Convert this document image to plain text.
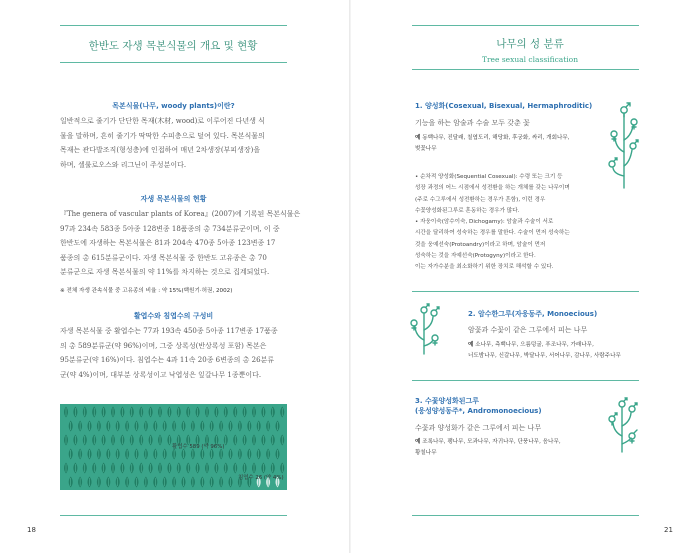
한반도 자생 목본식물의 개요 및 현황
목본식물(나무, woody plants)이란?

일반적으로 줄기가 단단한 목재(木材, wood)로 이루어진 다년생 식

물을 말하며, 흔히 줄기가 딱딱한 수피층으로 덮여 있다. 목본식물의

목재는 관다발조직(형성층)에 인접하여 매년 2차생장(부피생장)을

하며, 셀룰로오스와 리그닌이 주성분이다.

자생 목본식물의 현황

『The genera of vascular plants of Korea』(2007)에 기록된 목본식물은

97과 234속 583종 5아종 128변종 18품종의 총 734분류군이며, 이 중

한반도에 자생하는 목본식물은 81과 204속 470종 5아종 123변종 17

품종의 총 615분류군이다. 자생 목본식물 중 한반도 고유종은 총 70

분류군으로 자생 목본식물의 약 11%를 차지하는 것으로 집계되었다.

※ 전체 자생 관속식물 중 고유종의 비율 : 약 15%(백원기·허권, 2002)
활엽수와 침엽수의 구성비

자생 목본식물 중 활엽수는 77과 193속 450종 5아종 117변종 17품종

의 총 589분류군(약 96%)이며, 그중 상록성(반상록성 포함) 목본은

95분류군(약 16%)이다. 침엽수는 4과 11속 20종 6변종의 총 26분류

군(약 4%)이며, 대부분 상록성이고 낙엽성은 잎갈나무 1종뿐이다.

활엽수 589 (약 96%)
침엽수 26 (약 4%)
18
나무의 성 분류
Tree sexual classification
1. 양성화(Cosexual, Bisexual, Hermaphroditic)
기능을 하는 암술과 수술 모두 갖춘 꽃

예 동백나무, 진달래, 칠엽도리, 해당화, 후궁화, 싸리, 개회나무,

벚꽃나무

• 순차적 양성화(Sequential Cosexual): 수령 또는 크기 등

성장 과정의 어느 시점에서 성전환을 하는 개체를 갖는 나무이며

(주로 수그루에서 성전환하는 경우가 흔함), 이런 경우

수꽃양성화된그루로 혼동하는 경우가 많다.

• 자웅이숙(암수이숙, Dichogamy): 암술과 수술이 서로

시간을 달리하여 성숙하는 경우를 말한다. 수술이 먼저 성숙하는

것을 웅예선숙(Protoandry)이라고 하며, 암술이 먼저

성숙하는 것을 자예선숙(Protogyny)이라고 한다.

이는 자가수분을 최소화하기 위한 장치로 해석할 수 있다.

2. 암수한그루(자웅동주, Monoecious)
암꽃과 수꽃이 같은 그루에서 피는 나무

예 소나무, 측백나무, 으름덩굴, 푸조나무, 가래나무,

너도밤나무, 신갈나무, 박달나무, 서어나무, 감나무, 사람주나무

3. 수꽃양성화된그루
(웅성양성동주*, Andromonoecious)
수꽃과 양성화가 같은 그루에서 피는 나무

예 조록나무, 팽나무, 모과나무, 자귀나무, 단풍나무, 음나무,

황칠나무

21
